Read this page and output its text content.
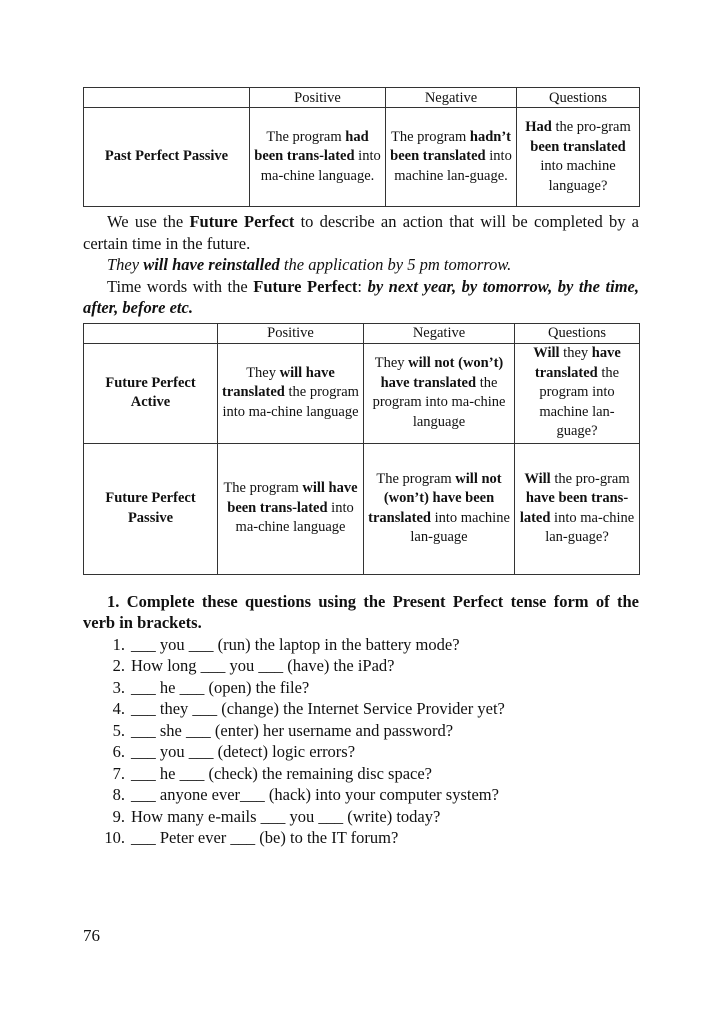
	Positive	Negative	Questions
Past Perfect Passive	The program had been trans-lated into ma-chine language.	The program hadn’t been translated into machine lan-guage.	Had the pro-gram been translated into machine language?

We use the Future Perfect to describe an action that will be completed by a certain time in the future.

They will have reinstalled the application by 5 pm tomorrow.

Time words with the Future Perfect: by next year, by tomorrow, by the time, after, before etc.

	Positive	Negative	Questions
Future Perfect Active	They will have translated the program into ma-chine language	They will not (won’t) have translated the program into ma-chine language	Will they have translated the program into machine lan-guage?
Future Perfect Passive	The program will have been trans-lated into ma-chine language	The program will not (won’t) have been translated into machine lan-guage	Will the pro-gram have been trans-lated into ma-chine lan-guage?

1. Complete these questions using the Present Perfect tense form of the verb in brackets.

1. ___ you ___ (run) the laptop in the battery mode?
2. How long ___ you ___ (have) the iPad?
3. ___ he ___ (open) the file?
4. ___ they ___ (change) the Internet Service Provider yet?
5. ___ she ___ (enter) her username and password?
6. ___ you ___ (detect) logic errors?
7. ___ he ___ (check) the remaining disc space?
8. ___ anyone ever___ (hack) into your computer system?
9. How many e-mails ___ you ___ (write) today?
10. ___ Peter ever ___ (be) to the IT forum?
76
